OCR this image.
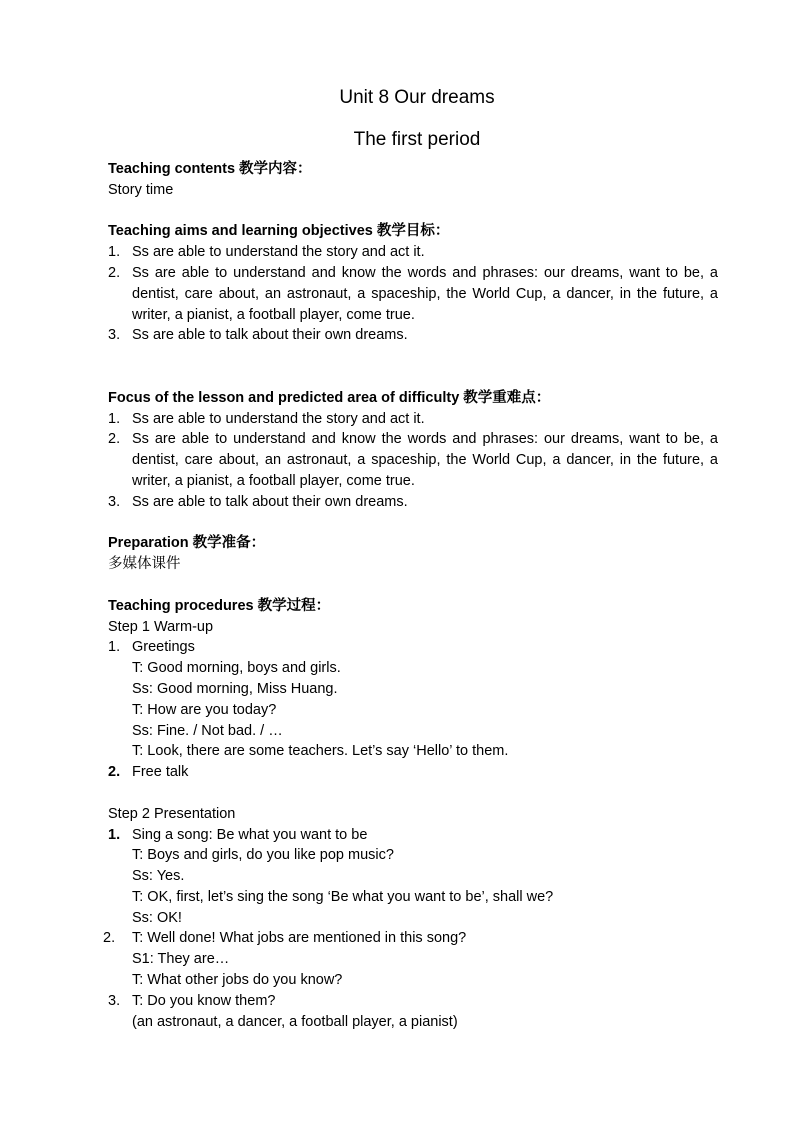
Unit 8 Our dreams
The first period
Teaching contents 教学内容：
Story time
Teaching aims and learning objectives 教学目标：
1. Ss are able to understand the story and act it.
2. Ss are able to understand and know the words and phrases: our dreams, want to be, a dentist, care about, an astronaut, a spaceship, the World Cup, a dancer, in the future, a writer, a pianist, a football player, come true.
3. Ss are able to talk about their own dreams.
Focus of the lesson and predicted area of difficulty 教学重难点：
1. Ss are able to understand the story and act it.
2. Ss are able to understand and know the words and phrases: our dreams, want to be, a dentist, care about, an astronaut, a spaceship, the World Cup, a dancer, in the future, a writer, a pianist, a football player, come true.
3. Ss are able to talk about their own dreams.
Preparation 教学准备：
多媒体课件
Teaching procedures 教学过程：
Step 1 Warm-up
1. Greetings
T: Good morning, boys and girls.
Ss: Good morning, Miss Huang.
T: How are you today?
Ss: Fine. / Not bad. / …
T: Look, there are some teachers. Let’s say ‘Hello’ to them.
2. Free talk
Step 2 Presentation
1. Sing a song: Be what you want to be
T: Boys and girls, do you like pop music?
Ss: Yes.
T: OK, first, let’s sing the song ‘Be what you want to be’, shall we?
Ss: OK!
2.	T: Well done! What jobs are mentioned in this song?
S1: They are…
T: What other jobs do you know?
3. T: Do you know them?
(an astronaut, a dancer, a football player, a pianist)
